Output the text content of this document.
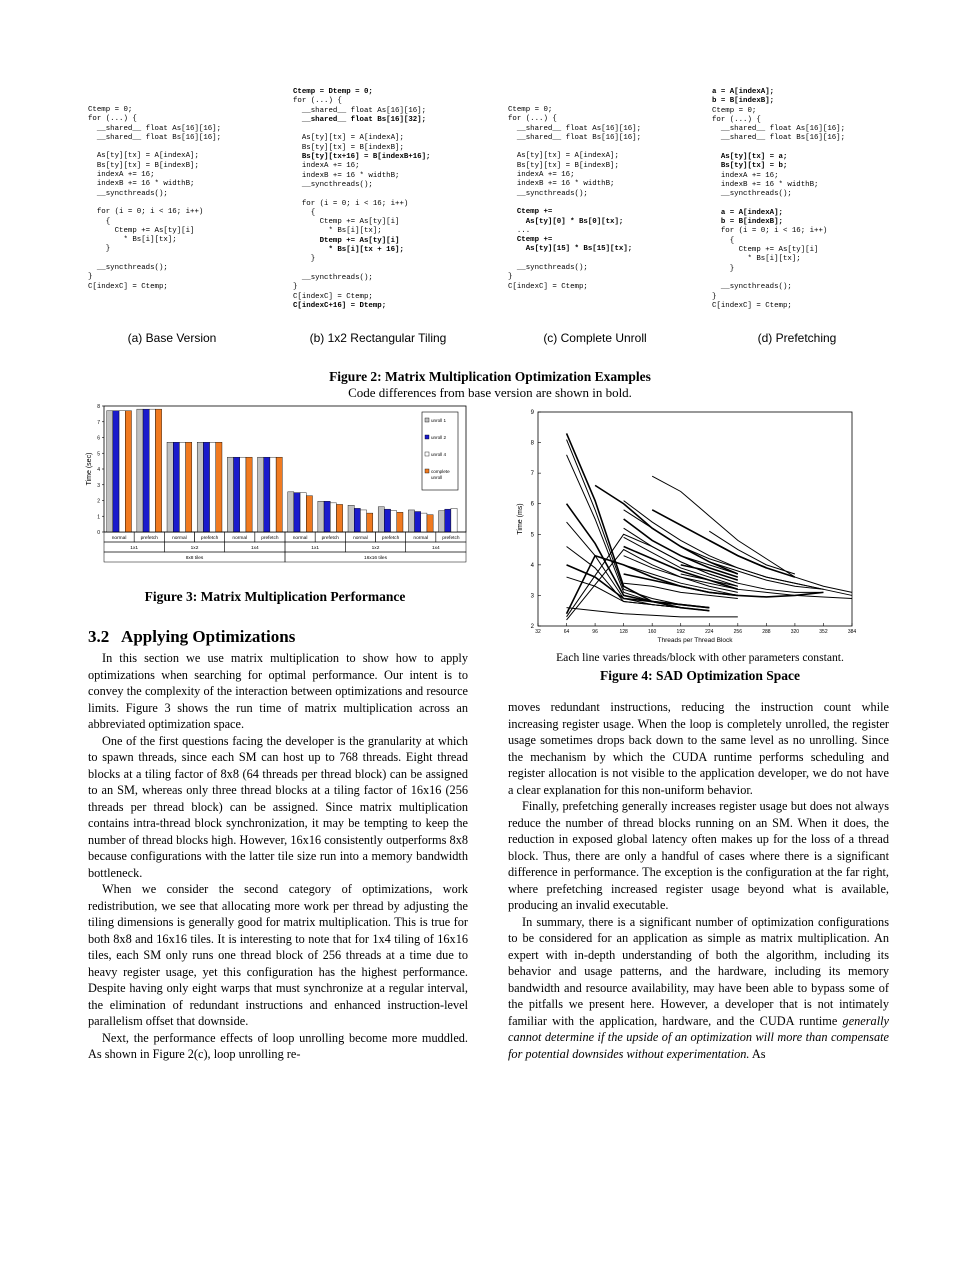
Ctemp = 0;
for (...) {
__shared__ float As[16][16];
__shared__ float Bs[16][16];

As[ty][tx] = A[indexA];
Bs[ty][tx] = B[indexB];
indexA += 16;
indexB += 16 * widthB;
__syncthreads();

for (i = 0; i < 16; i++)
{
Ctemp += As[ty][i]
* Bs[i][tx];
}

__syncthreads();
}
C[indexC] = Ctemp;

Ctemp = Dtemp = 0;
for (...) {
__shared__ float As[16][16];
__shared__ float Bs[16][32];

As[ty][tx] = A[indexA];
Bs[ty][tx] = B[indexB];
Bs[ty][tx+16] = B[indexB+16];
indexA += 16;
indexB += 16 * widthB;
__syncthreads();

for (i = 0; i < 16; i++)
{
Ctemp += As[ty][i]
* Bs[i][tx];
Dtemp += As[ty][i]
* Bs[i][tx + 16];
}

__syncthreads();
}
C[indexC] = Ctemp;
C[indexC+16] = Dtemp;

Ctemp = 0;
for (...) {
__shared__ float As[16][16];
__shared__ float Bs[16][16];

As[ty][tx] = A[indexA];
Bs[ty][tx] = B[indexB];
indexA += 16;
indexB += 16 * widthB;
__syncthreads();

Ctemp +=
As[ty][0] * Bs[0][tx];
...
Ctemp +=
As[ty][15] * Bs[15][tx];

__syncthreads();
}
C[indexC] = Ctemp;

a = A[indexA];
b = B[indexB];
Ctemp = 0;
for (...) {
__shared__ float As[16][16];
__shared__ float Bs[16][16];

As[ty][tx] = a;
Bs[ty][tx] = b;
indexA += 16;
indexB += 16 * widthB;
__syncthreads();

a = A[indexA];
b = B[indexB];
for (i = 0; i < 16; i++)
{
Ctemp += As[ty][i]
* Bs[i][tx];
}

__syncthreads();
}
C[indexC] = Ctemp;

(a) Base Version	(b) 1x2 Rectangular Tiling	(c) Complete Unroll	(d) Prefetching
Figure 2: Matrix Multiplication Optimization Examples
Code differences from base version are shown in bold.
0
1
2
3
4
5
6
7
8
Time (sec)
normal	prefetch	normal	prefetch	normal	prefetch	normal	prefetch	normal	prefetch	normal	prefetch
1x1	1x2	1x4	1x1	1x2	1x4
8x8 tiles	16x16 tiles
unroll 1
unroll 2
unroll 4
complete
unroll
Figure 3: Matrix Multiplication Performance
2
3
4
5
6
7
8
9
32	64	96	128	160	192	224	256	288	320	352	384
Threads per Thread Block
Time (ms)
Each line varies threads/block with other parameters constant.
Figure 4: SAD Optimization Space
3.2   Applying Optimizations

In this section we use matrix multiplication to show how to apply optimizations when searching for optimal performance. Our intent is to convey the complexity of the interaction between optimizations and resource limits. Figure 3 shows the run time of matrix multiplication across an abbreviated optimization space.

One of the first questions facing the developer is the granularity at which to spawn threads, since each SM can host up to 768 threads. Eight thread blocks at a tiling factor of 8x8 (64 threads per thread block) can be assigned to an SM, whereas only three thread blocks at a tiling factor of 16x16 (256 threads per thread block) can be assigned. Since matrix multiplication contains intra-thread block synchronization, it may be tempting to keep the number of thread blocks high. However, 16x16 consistently outperforms 8x8 because configurations with the latter tile size run into a memory bandwidth bottleneck.

When we consider the second category of optimizations, work redistribution, we see that allocating more work per thread by adjusting the tiling dimensions is generally good for matrix multiplication. This is true for both 8x8 and 16x16 tiles. It is interesting to note that for 1x4 tiling of 16x16 tiles, each SM only runs one thread block of 256 threads at a time due to heavy register usage, yet this configuration has the highest performance. Despite having only eight warps that must synchronize at a regular interval, the elimination of redundant instructions and enhanced instruction-level parallelism offset that downside.

Next, the performance effects of loop unrolling become more muddled. As shown in Figure 2(c), loop unrolling re-

moves redundant instructions, reducing the instruction count while increasing register usage. When the loop is completely unrolled, the register usage sometimes drops back down to the same level as no unrolling. Since the mechanism by which the CUDA runtime performs scheduling and register allocation is not visible to the application developer, we do not have a clear explanation for this non-uniform behavior.

Finally, prefetching generally increases register usage but does not always reduce the number of thread blocks running on an SM. When it does, the reduction in exposed global latency often makes up for the loss of a thread block. Thus, there are only a handful of cases where there is a significant difference in performance. The exception is the configuration at the far right, where prefetching increased register usage beyond what is available, producing an invalid executable.

In summary, there is a significant number of optimization configurations to be considered for an application as simple as matrix multiplication. An expert with in-depth understanding of both the algorithm, including its behavior and usage patterns, and the hardware, including its memory bandwidth and resource availability, may have been able to bypass some of the pitfalls we present here. However, a developer that is not intimately familiar with the application, hardware, and the CUDA runtime generally cannot determine if the upside of an optimization will more than compensate for potential downsides without experimentation. As
